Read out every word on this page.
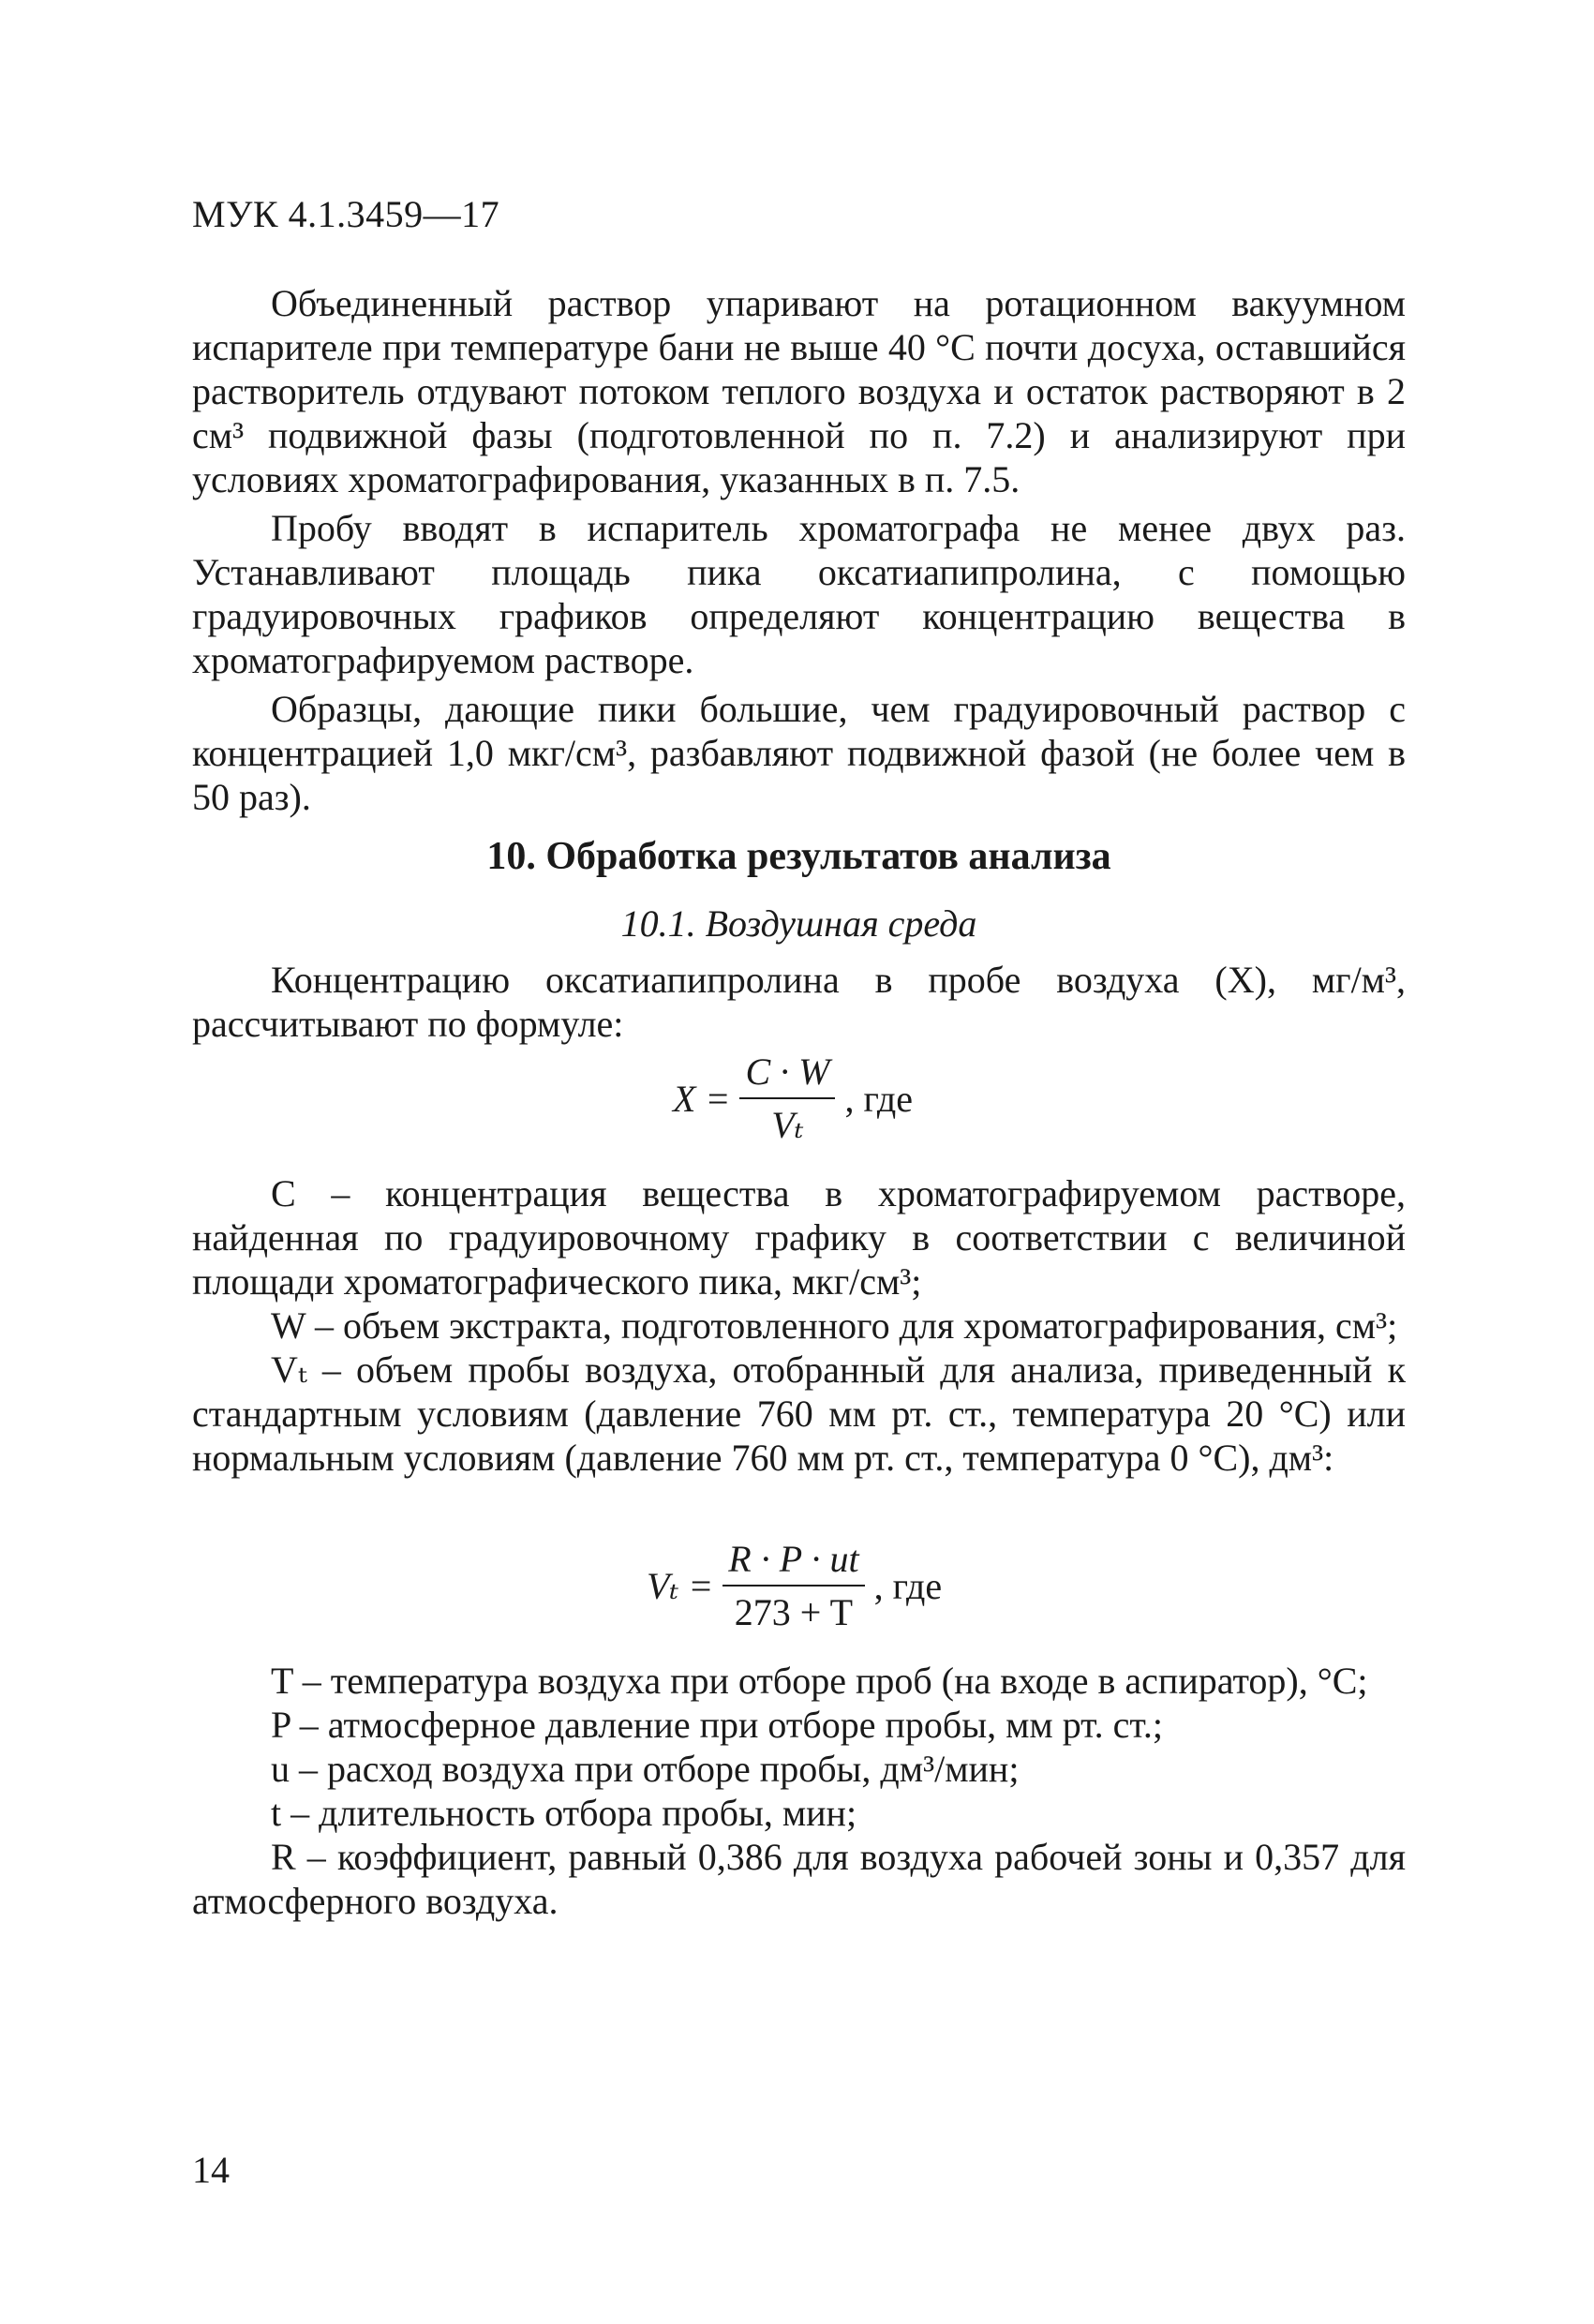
МУК 4.1.3459—17

Объединенный раствор упаривают на ротационном вакуумном испарителе при температуре бани не выше 40 °С почти досуха, оставшийся растворитель отдувают потоком теплого воздуха и остаток растворяют в 2 см³ подвижной фазы (подготовленной по п. 7.2) и анализируют при условиях хроматографирования, указанных в п. 7.5.

Пробу вводят в испаритель хроматографа не менее двух раз. Устанавливают площадь пика оксатиапипролина, с помощью градуировочных графиков определяют концентрацию вещества в хроматографируемом растворе.

Образцы, дающие пики большие, чем градуировочный раствор с концентрацией 1,0 мкг/см³, разбавляют подвижной фазой (не более чем в 50 раз).

10. Обработка результатов анализа
10.1. Воздушная среда

Концентрацию оксатиапипролина в пробе воздуха (Х), мг/м³, рассчитывают по формуле:

$X = \frac{C \cdot W}{\text{Vₜ}}$ , где

C – концентрация вещества в хроматографируемом растворе, найденная по градуировочному графику в соответствии с величиной площади хроматографического пика, мкг/см³;

W – объем экстракта, подготовленного для хроматографирования, см³;

Vₜ – объем пробы воздуха, отобранный для анализа, приведенный к стандартным условиям (давление 760 мм рт. ст., температура 20 °С) или нормальным условиям (давление 760 мм рт. ст., температура 0 °С), дм³:

$V_t = \frac{R \cdot P \cdot ut}{273 + T}$ , где

T – температура воздуха при отборе проб (на входе в аспиратор), °С;

P – атмосферное давление при отборе пробы, мм рт. ст.;

u – расход воздуха при отборе пробы, дм³/мин;

t – длительность отбора пробы, мин;

R – коэффициент, равный 0,386 для воздуха рабочей зоны и 0,357 для атмосферного воздуха.

14
